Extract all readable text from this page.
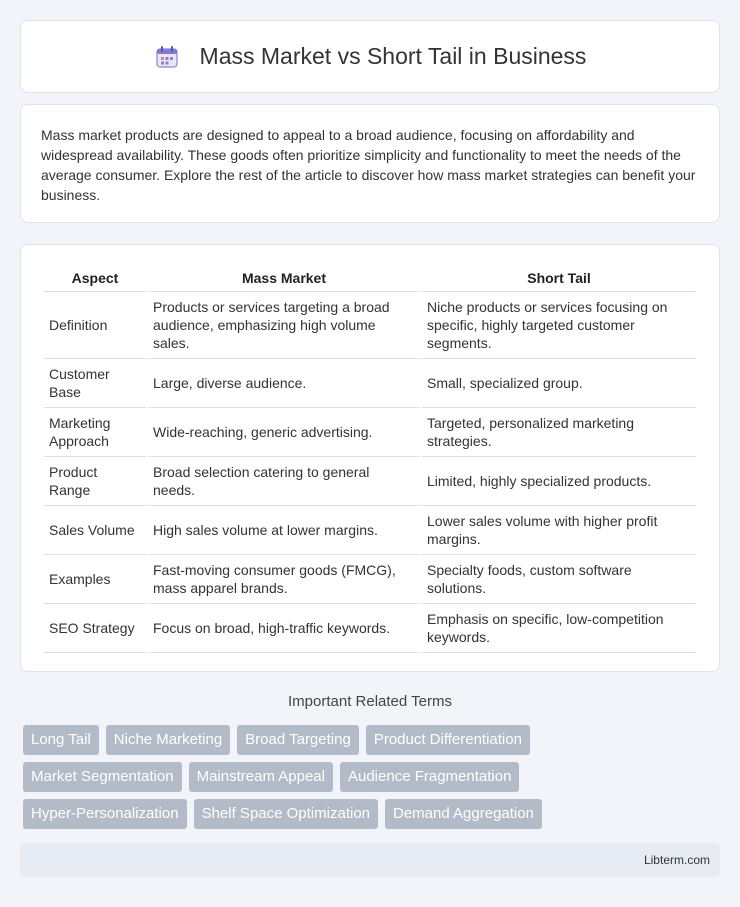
Mass Market vs Short Tail in Business

Mass market products are designed to appeal to a broad audience, focusing on affordability and widespread availability. These goods often prioritize simplicity and functionality to meet the needs of the average consumer. Explore the rest of the article to discover how mass market strategies can benefit your business.

Aspect	Mass Market	Short Tail
Definition	Products or services targeting a broad audience, emphasizing high volume sales.	Niche products or services focusing on specific, highly targeted customer segments.
Customer Base	Large, diverse audience.	Small, specialized group.
Marketing Approach	Wide-reaching, generic advertising.	Targeted, personalized marketing strategies.
Product Range	Broad selection catering to general needs.	Limited, highly specialized products.
Sales Volume	High sales volume at lower margins.	Lower sales volume with higher profit margins.
Examples	Fast-moving consumer goods (FMCG), mass apparel brands.	Specialty foods, custom software solutions.
SEO Strategy	Focus on broad, high-traffic keywords.	Emphasis on specific, low-competition keywords.
Important Related Terms
Long Tail	Niche Marketing	Broad Targeting	Product Differentiation
Market Segmentation	Mainstream Appeal	Audience Fragmentation
Hyper-Personalization	Shelf Space Optimization	Demand Aggregation
Libterm.com
